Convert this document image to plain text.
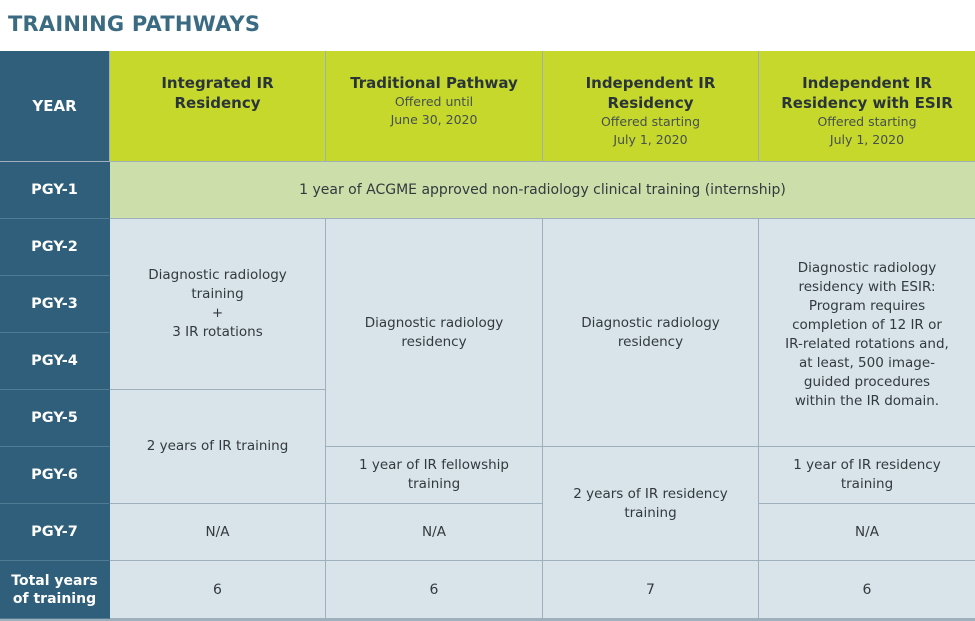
TRAINING PATHWAYS
YEAR
Integrated IR Residency
Traditional Pathway
Offered until
June 30, 2020
Independent IR Residency
Offered starting
July 1, 2020
Independent IR Residency with ESIR
Offered starting
July 1, 2020
PGY-1
PGY-2
PGY-3
PGY-4
PGY-5
PGY-6
PGY-7
Total years of training
1 year of ACGME approved non-radiology clinical training (internship)
Diagnostic radiology training
+
3 IR rotations
2 years of IR training
N/A
6
Diagnostic radiology residency
1 year of IR fellowship training
N/A
6
Diagnostic radiology residency
2 years of IR residency training
7
Diagnostic radiology residency with ESIR: Program requires completion of 12 IR or IR-related rotations and, at least, 500 image-guided procedures within the IR domain.
1 year of IR residency training
N/A
6
